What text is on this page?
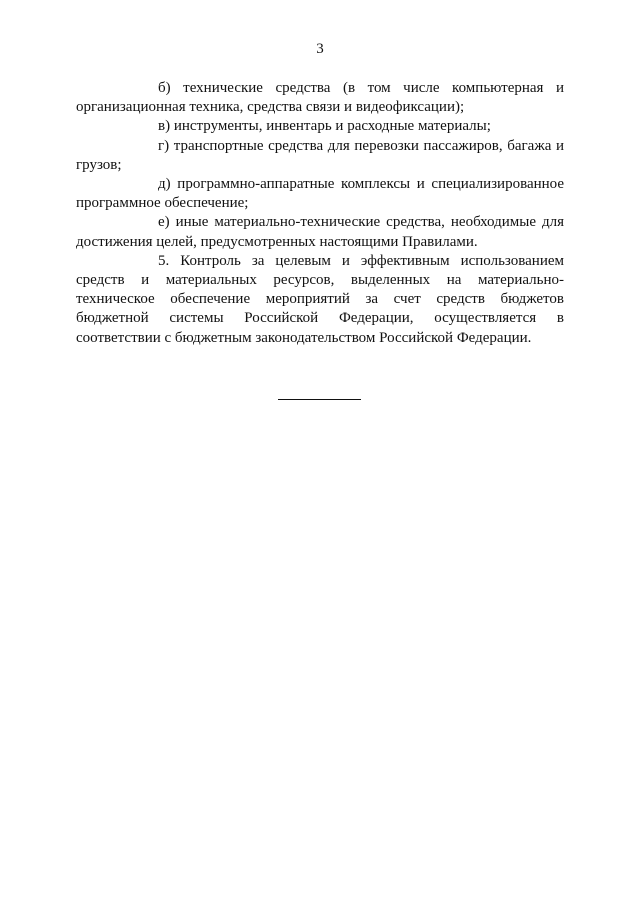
3

б) технические средства (в том числе компьютерная и организационная техника, средства связи и видеофиксации);

в) инструменты, инвентарь и расходные материалы;

г) транспортные средства для перевозки пассажиров, багажа и грузов;

д) программно-аппаратные комплексы и специализированное программное обеспечение;

е) иные материально-технические средства, необходимые для достижения целей, предусмотренных настоящими Правилами.

5. Контроль за целевым и эффективным использованием средств и материальных ресурсов, выделенных на материально-техническое обеспечение мероприятий за счет средств бюджетов бюджетной системы Российской Федерации, осуществляется в соответствии с бюджетным законодательством Российской Федерации.
